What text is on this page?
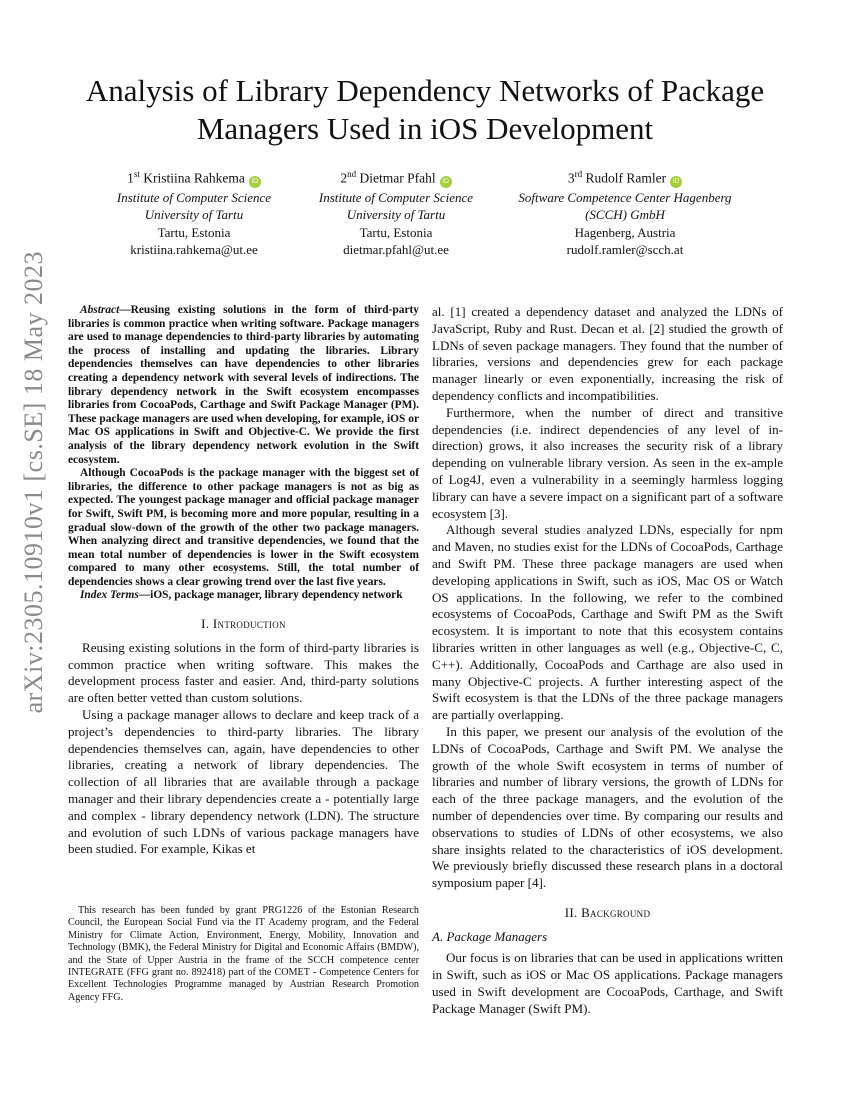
arXiv:2305.10910v1 [cs.SE] 18 May 2023
Analysis of Library Dependency Networks of Package Managers Used in iOS Development
1st Kristiina Rahkema iD
Institute of Computer Science
University of Tartu
Tartu, Estonia
kristiina.rahkema@ut.ee
2nd Dietmar Pfahl iD
Institute of Computer Science
University of Tartu
Tartu, Estonia
dietmar.pfahl@ut.ee
3rd Rudolf Ramler iD
Software Competence Center Hagenberg
(SCCH) GmbH
Hagenberg, Austria
rudolf.ramler@scch.at

Abstract—Reusing existing solutions in the form of third-party libraries is common practice when writing software. Package managers are used to manage dependencies to third-party libraries by automating the process of installing and updating the libraries. Library dependencies themselves can have dependencies to other libraries creating a dependency network with several levels of indirections. The library dependency network in the Swift ecosystem encompasses libraries from CocoaPods, Carthage and Swift Package Manager (PM). These package managers are used when developing, for example, iOS or Mac OS applications in Swift and Objective-C. We provide the first analysis of the library dependency network evolution in the Swift ecosystem.

Although CocoaPods is the package manager with the biggest set of libraries, the difference to other package managers is not as big as expected. The youngest package manager and official package manager for Swift, Swift PM, is becoming more and more popular, resulting in a gradual slow-down of the growth of the other two package managers. When analyzing direct and transitive dependencies, we found that the mean total number of dependencies is lower in the Swift ecosystem compared to many other ecosystems. Still, the total number of dependencies shows a clear growing trend over the last five years.

Index Terms—iOS, package manager, library dependency network

I. Introduction

Reusing existing solutions in the form of third-party libraries is common practice when writing software. This makes the development process faster and easier. And, third-party solutions are often better vetted than custom solutions.

Using a package manager allows to declare and keep track of a project’s dependencies to third-party libraries. The library dependencies themselves can, again, have dependencies to other libraries, creating a network of library dependencies. The collection of all libraries that are available through a package manager and their library dependencies create a - potentially large and complex - library dependency network (LDN). The structure and evolution of such LDNs of various package managers have been studied. For example, Kikas et

al. [1] created a dependency dataset and analyzed the LDNs of JavaScript, Ruby and Rust. Decan et al. [2] studied the growth of LDNs of seven package managers. They found that the number of libraries, versions and dependencies grew for each package manager linearly or even exponentially, increasing the risk of dependency conflicts and incompatibilities.

Furthermore, when the number of direct and transitive dependencies (i.e. indirect dependencies of any level of in-direction) grows, it also increases the security risk of a library depending on vulnerable library version. As seen in the ex-ample of Log4J, even a vulnerability in a seemingly harmless logging library can have a severe impact on a significant part of a software ecosystem [3].

Although several studies analyzed LDNs, especially for npm and Maven, no studies exist for the LDNs of CocoaPods, Carthage and Swift PM. These three package managers are used when developing applications in Swift, such as iOS, Mac OS or Watch OS applications. In the following, we refer to the combined ecosystems of CocoaPods, Carthage and Swift PM as the Swift ecosystem. It is important to note that this ecosystem contains libraries written in other languages as well (e.g., Objective-C, C, C++). Additionally, CocoaPods and Carthage are also used in many Objective-C projects. A further interesting aspect of the Swift ecosystem is that the LDNs of the three package managers are partially overlapping.

In this paper, we present our analysis of the evolution of the LDNs of CocoaPods, Carthage and Swift PM. We analyse the growth of the whole Swift ecosystem in terms of number of libraries and number of library versions, the growth of LDNs for each of the three package managers, and the evolution of the number of dependencies over time. By comparing our results and observations to studies of LDNs of other ecosystems, we also share insights related to the characteristics of iOS development. We previously briefly discussed these research plans in a doctoral symposium paper [4].

II. Background
A. Package Managers

Our focus is on libraries that can be used in applications written in Swift, such as iOS or Mac OS applications. Package managers used in Swift development are CocoaPods, Carthage, and Swift Package Manager (Swift PM).

This research has been funded by grant PRG1226 of the Estonian Research Council, the European Social Fund via the IT Academy program, and the Federal Ministry for Climate Action, Environment, Energy, Mobility, Innovation and Technology (BMK), the Federal Ministry for Digital and Economic Affairs (BMDW), and the State of Upper Austria in the frame of the SCCH competence center INTEGRATE (FFG grant no. 892418) part of the COMET - Competence Centers for Excellent Technologies Programme managed by Austrian Research Promotion Agency FFG.
